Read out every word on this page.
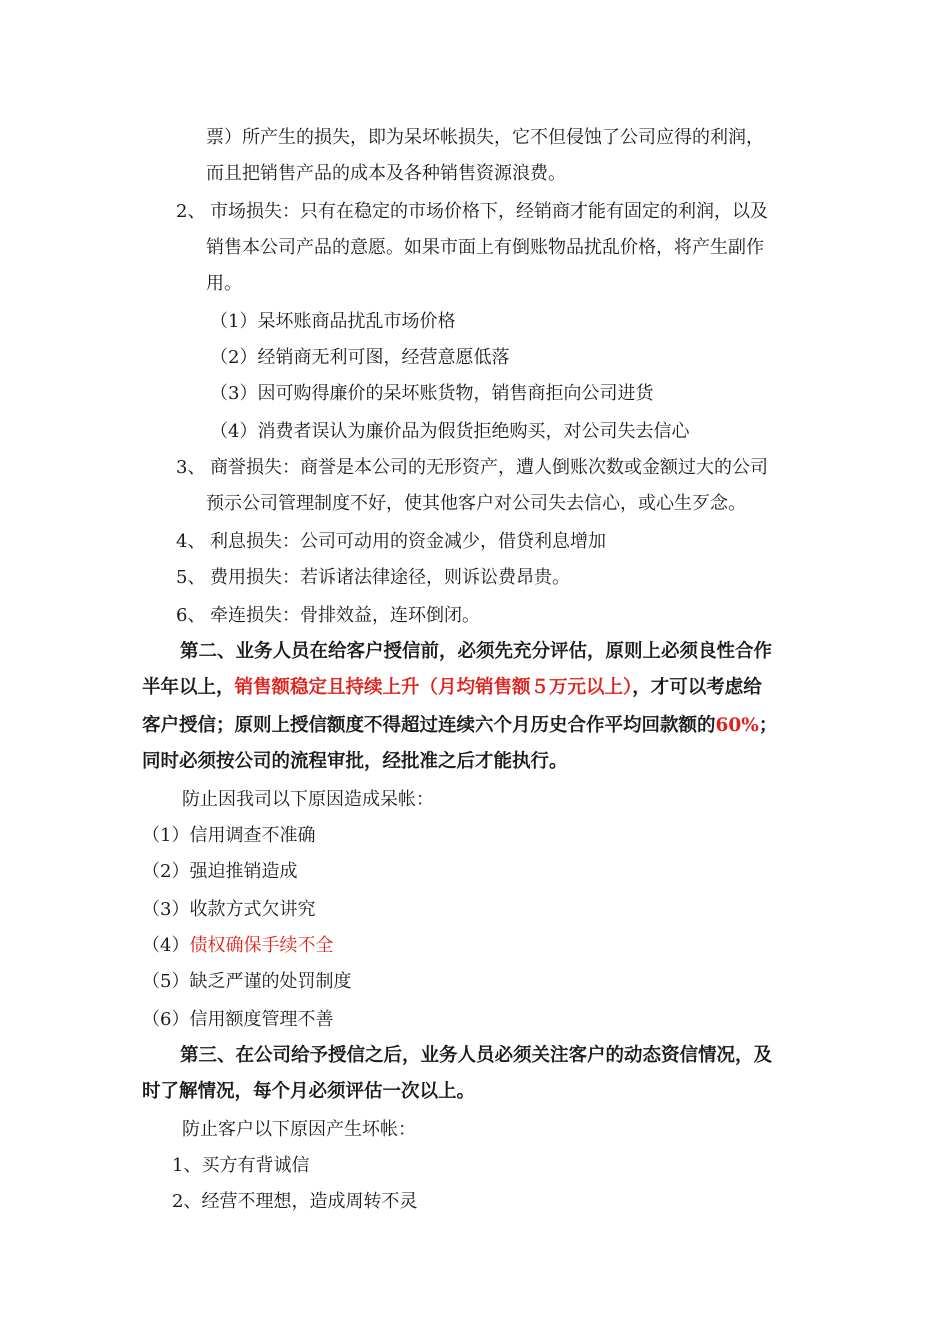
票）所产生的损失，即为呆坏帐损失，它不但侵蚀了公司应得的利润，
而且把销售产品的成本及各种销售资源浪费。
2、 市场损失：只有在稳定的市场价格下，经销商才能有固定的利润，以及
销售本公司产品的意愿。如果市面上有倒账物品扰乱价格，将产生副作
用。
（1）呆坏账商品扰乱市场价格
（2）经销商无利可图，经营意愿低落
（3）因可购得廉价的呆坏账货物，销售商拒向公司进货
（4）消费者误认为廉价品为假货拒绝购买，对公司失去信心
3、 商誉损失：商誉是本公司的无形资产，遭人倒账次数或金额过大的公司
预示公司管理制度不好，使其他客户对公司失去信心，或心生歹念。
4、 利息损失：公司可动用的资金减少，借贷利息增加
5、 费用损失：若诉诸法律途径，则诉讼费昂贵。
6、 牵连损失：骨排效益，连环倒闭。
第二、业务人员在给客户授信前，必须先充分评估，原则上必须良性合作
半年以上，销售额稳定且持续上升（月均销售额５万元以上），才可以考虑给
客户授信；原则上授信额度不得超过连续六个月历史合作平均回款额的60%；
同时必须按公司的流程审批，经批准之后才能执行。
防止因我司以下原因造成呆帐：
（1）信用调查不准确
（2）强迫推销造成
（3）收款方式欠讲究
（4）债权确保手续不全
（5）缺乏严谨的处罚制度
（6）信用额度管理不善
第三、在公司给予授信之后，业务人员必须关注客户的动态资信情况，及
时了解情况，每个月必须评估一次以上。
防止客户以下原因产生坏帐：
1、买方有背诚信
2、经营不理想，造成周转不灵
